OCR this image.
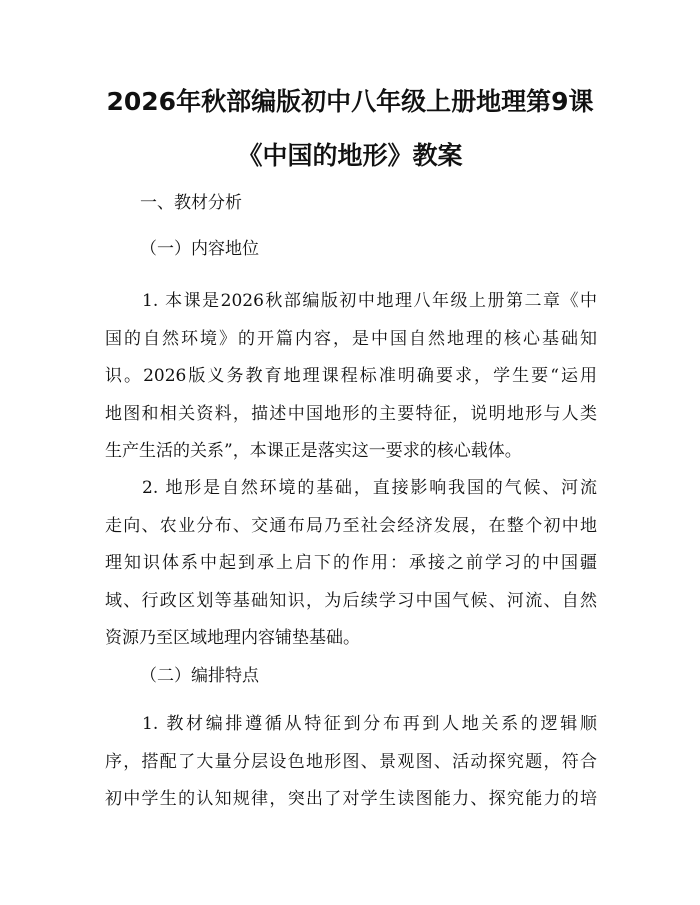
2026年秋部编版初中八年级上册地理第9课
《中国的地形》教案
一、教材分析
（一）内容地位
1. 本课是2026秋部编版初中地理八年级上册第二章《中
国的自然环境》的开篇内容，是中国自然地理的核心基础知
识。2026版义务教育地理课程标准明确要求，学生要“运用
地图和相关资料，描述中国地形的主要特征，说明地形与人类
生产生活的关系”，本课正是落实这一要求的核心载体。
2. 地形是自然环境的基础，直接影响我国的气候、河流
走向、农业分布、交通布局乃至社会经济发展，在整个初中地
理知识体系中起到承上启下的作用：承接之前学习的中国疆
域、行政区划等基础知识，为后续学习中国气候、河流、自然
资源乃至区域地理内容铺垫基础。
（二）编排特点
1. 教材编排遵循从特征到分布再到人地关系的逻辑顺
序，搭配了大量分层设色地形图、景观图、活动探究题，符合
初中学生的认知规律，突出了对学生读图能力、探究能力的培
